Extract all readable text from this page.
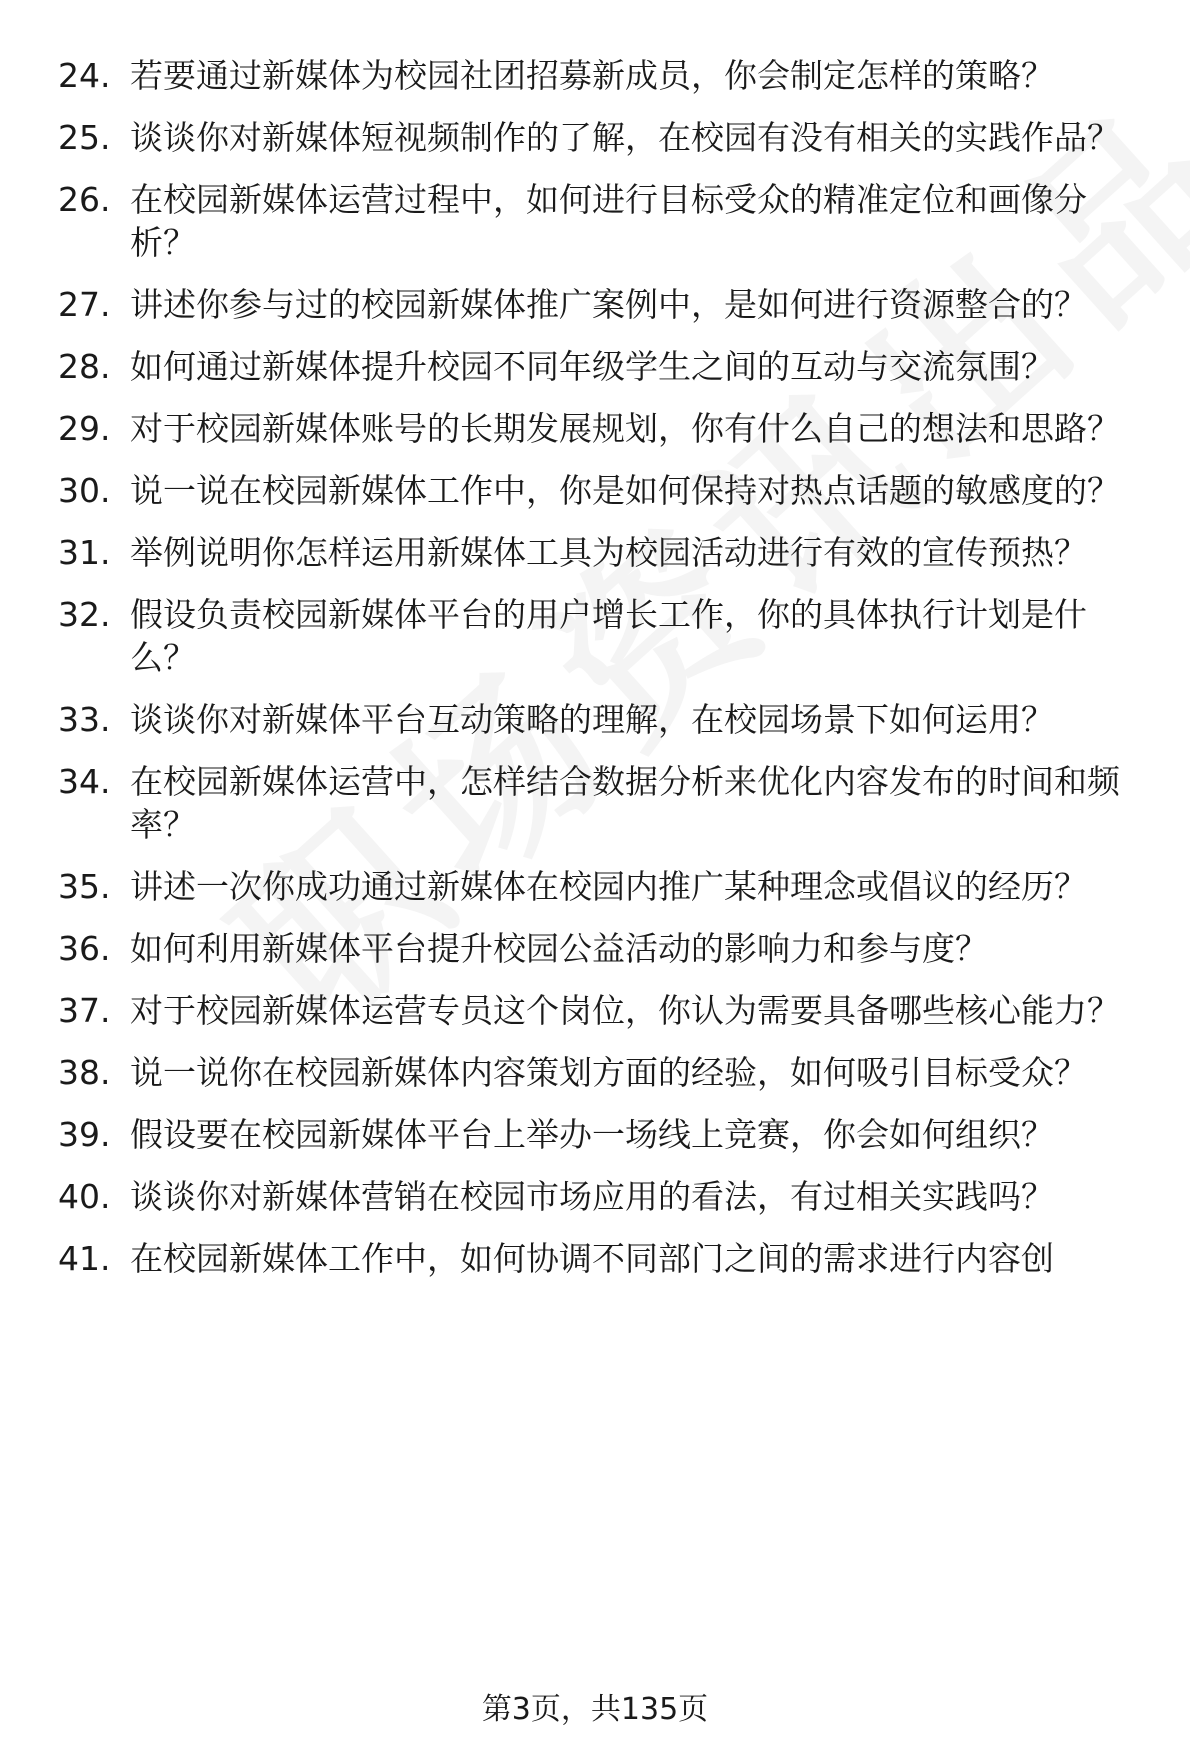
24. 若要通过新媒体为校园社团招募新成员，你会制定怎样的策略？
25. 谈谈你对新媒体短视频制作的了解，在校园有没有相关的实践作品？
26. 在校园新媒体运营过程中，如何进行目标受众的精准定位和画像分析？
27. 讲述你参与过的校园新媒体推广案例中，是如何进行资源整合的？
28. 如何通过新媒体提升校园不同年级学生之间的互动与交流氛围？
29. 对于校园新媒体账号的长期发展规划，你有什么自己的想法和思路？
30. 说一说在校园新媒体工作中，你是如何保持对热点话题的敏感度的？
31. 举例说明你怎样运用新媒体工具为校园活动进行有效的宣传预热？
32. 假设负责校园新媒体平台的用户增长工作，你的具体执行计划是什么？
33. 谈谈你对新媒体平台互动策略的理解，在校园场景下如何运用？
34. 在校园新媒体运营中，怎样结合数据分析来优化内容发布的时间和频率？
35. 讲述一次你成功通过新媒体在校园内推广某种理念或倡议的经历？
36. 如何利用新媒体平台提升校园公益活动的影响力和参与度？
37. 对于校园新媒体运营专员这个岗位，你认为需要具备哪些核心能力？
38. 说一说你在校园新媒体内容策划方面的经验，如何吸引目标受众？
39. 假设要在校园新媒体平台上举办一场线上竞赛，你会如何组织？
40. 谈谈你对新媒体营销在校园市场应用的看法，有过相关实践吗？
41. 在校园新媒体工作中，如何协调不同部门之间的需求进行内容创
第3页，共135页
